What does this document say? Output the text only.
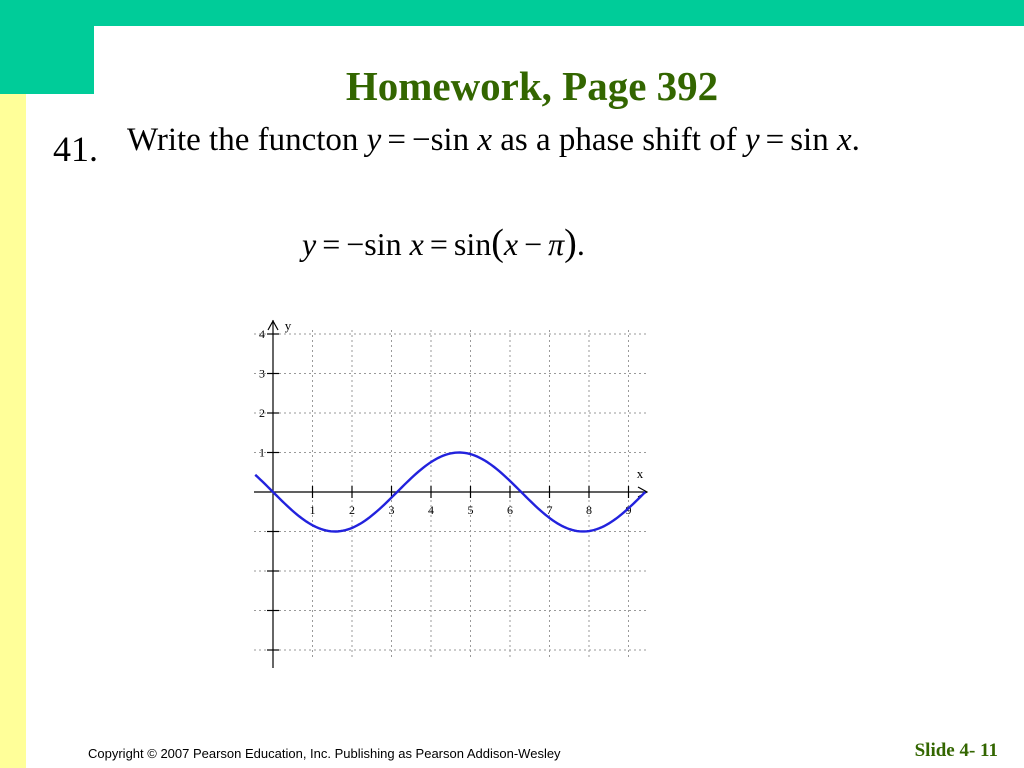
Homework, Page 392
41. Write the functon y = −sin x as a phase shift of y = sin x.
y = −sin x = sin(x − π).
1	2	3	4	5	6	7	8	9
1
2
3
4
x
y
Copyright © 2007 Pearson Education, Inc. Publishing as Pearson Addison-Wesley	Slide 4- 11
